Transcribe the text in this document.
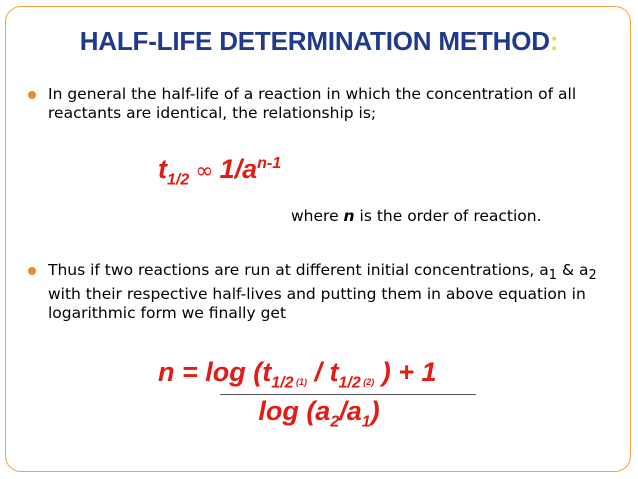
HALF-LIFE DETERMINATION METHOD:
In general the half-life of a reaction in which the concentration of all reactants are identical, the relationship is;
$t_{1/2}$ ∞ $1/a^{n-1}$
where n is the order of reaction.
Thus if two reactions are run at different initial concentrations, $a_1$ & $a_2$ with their respective half-lives and putting them in above equation in logarithmic form we finally get
$n = \log (t_{1/2}$ $(1) / t_{1/2}$ (2) ) + 1
$\log (a_2/a_1)$
